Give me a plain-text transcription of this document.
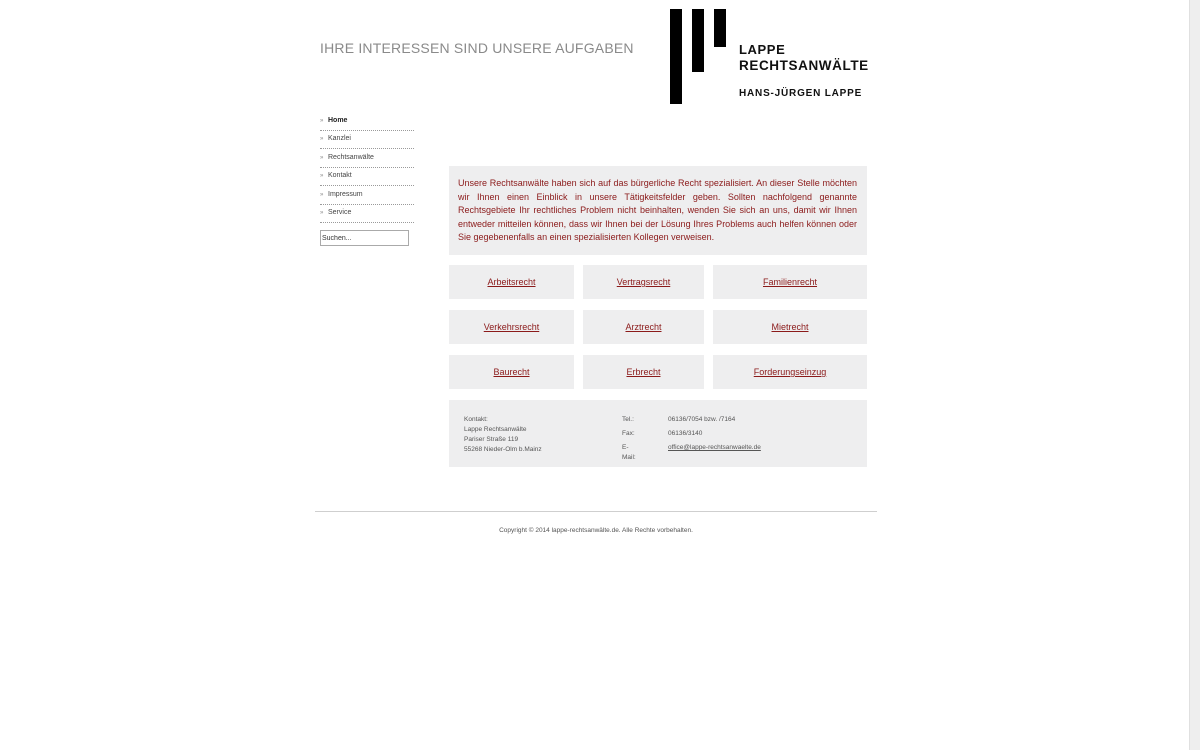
IHRE INTERESSEN SIND UNSERE AUFGABEN	LAPPE
RECHTSANWÄLTE
HANS-JÜRGEN LAPPE
» Home
» Kanzlei
» Rechtsanwälte
» Kontakt
» Impressum
» Service
Suchen...
Unsere Rechtsanwälte haben sich auf das bürgerliche Recht spezialisiert. An dieser Stelle möchten wir Ihnen einen Einblick in unsere Tätigkeitsfelder geben. Sollten nachfolgend genannte Rechtsgebiete Ihr rechtliches Problem nicht beinhalten, wenden Sie sich an uns, damit wir Ihnen entweder mitteilen können, dass wir Ihnen bei der Lösung Ihres Problems auch helfen können oder Sie gegebenenfalls an einen spezialisierten Kollegen verweisen.
Arbeitsrecht	Vertragsrecht	Familienrecht
Verkehrsrecht	Arztrecht	Mietrecht
Baurecht	Erbrecht	Forderungseinzug
Kontakt:
Lappe Rechtsanwälte
Pariser Straße 119
55268 Nieder-Olm b.Mainz
Tel.:	06136/7054 bzw. /7164
Fax:	06136/3140
E-Mail:
office@lappe-rechtsanwaelte.de
Copyright © 2014 lappe-rechtsanwälte.de. Alle Rechte vorbehalten.
